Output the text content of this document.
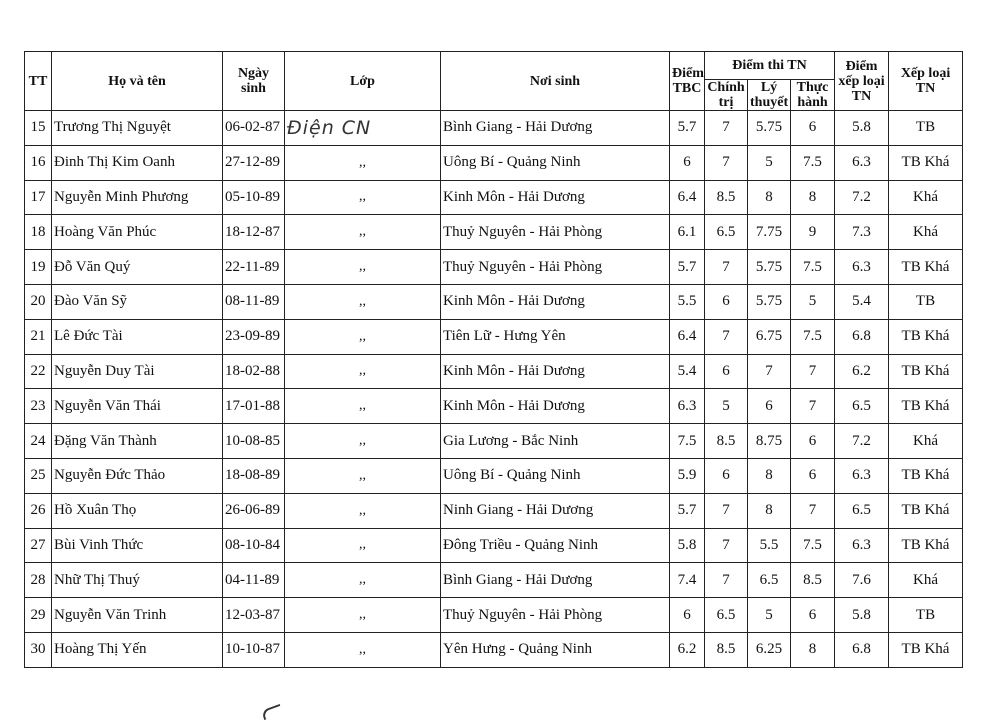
TT	Họ và tên	Ngày sinh	Lớp	Nơi sinh	Điểm TBC	Điểm thi TN			Điểm xếp loại TN	Xếp loại TN
						Chính trị	Lý thuyết	Thực hành		
15	Trương Thị Nguyệt	06-02-87	Điện CN	Bình Giang - Hải Dương	5.7	7	5.75	6	5.8	TB
16	Đinh Thị Kim Oanh	27-12-89	,,	Uông Bí - Quảng Ninh	6	7	5	7.5	6.3	TB Khá
17	Nguyễn Minh Phương	05-10-89	,,	Kinh Môn - Hải Dương	6.4	8.5	8	8	7.2	Khá
18	Hoàng Văn Phúc	18-12-87	,,	Thuỷ Nguyên - Hải Phòng	6.1	6.5	7.75	9	7.3	Khá
19	Đỗ Văn Quý	22-11-89	,,	Thuỷ Nguyên - Hải Phòng	5.7	7	5.75	7.5	6.3	TB Khá
20	Đào Văn Sỹ	08-11-89	,,	Kinh Môn - Hải Dương	5.5	6	5.75	5	5.4	TB
21	Lê Đức Tài	23-09-89	,,	Tiên Lữ - Hưng Yên	6.4	7	6.75	7.5	6.8	TB Khá
22	Nguyễn Duy Tài	18-02-88	,,	Kinh Môn - Hải Dương	5.4	6	7	7	6.2	TB Khá
23	Nguyễn Văn Thái	17-01-88	,,	Kinh Môn - Hải Dương	6.3	5	6	7	6.5	TB Khá
24	Đặng Văn Thành	10-08-85	,,	Gia Lương - Bắc Ninh	7.5	8.5	8.75	6	7.2	Khá
25	Nguyễn Đức Thảo	18-08-89	,,	Uông Bí - Quảng Ninh	5.9	6	8	6	6.3	TB Khá
26	Hồ Xuân Thọ	26-06-89	,,	Ninh Giang - Hải Dương	5.7	7	8	7	6.5	TB Khá
27	Bùi Vinh Thức	08-10-84	,,	Đông Triều - Quảng Ninh	5.8	7	5.5	7.5	6.3	TB Khá
28	Nhữ Thị Thuý	04-11-89	,,	Bình Giang - Hải Dương	7.4	7	6.5	8.5	7.6	Khá
29	Nguyễn Văn Trinh	12-03-87	,,	Thuỷ Nguyên - Hải Phòng	6	6.5	5	6	5.8	TB
30	Hoàng Thị Yến	10-10-87	,,	Yên Hưng - Quảng Ninh	6.2	8.5	6.25	8	6.8	TB Khá
